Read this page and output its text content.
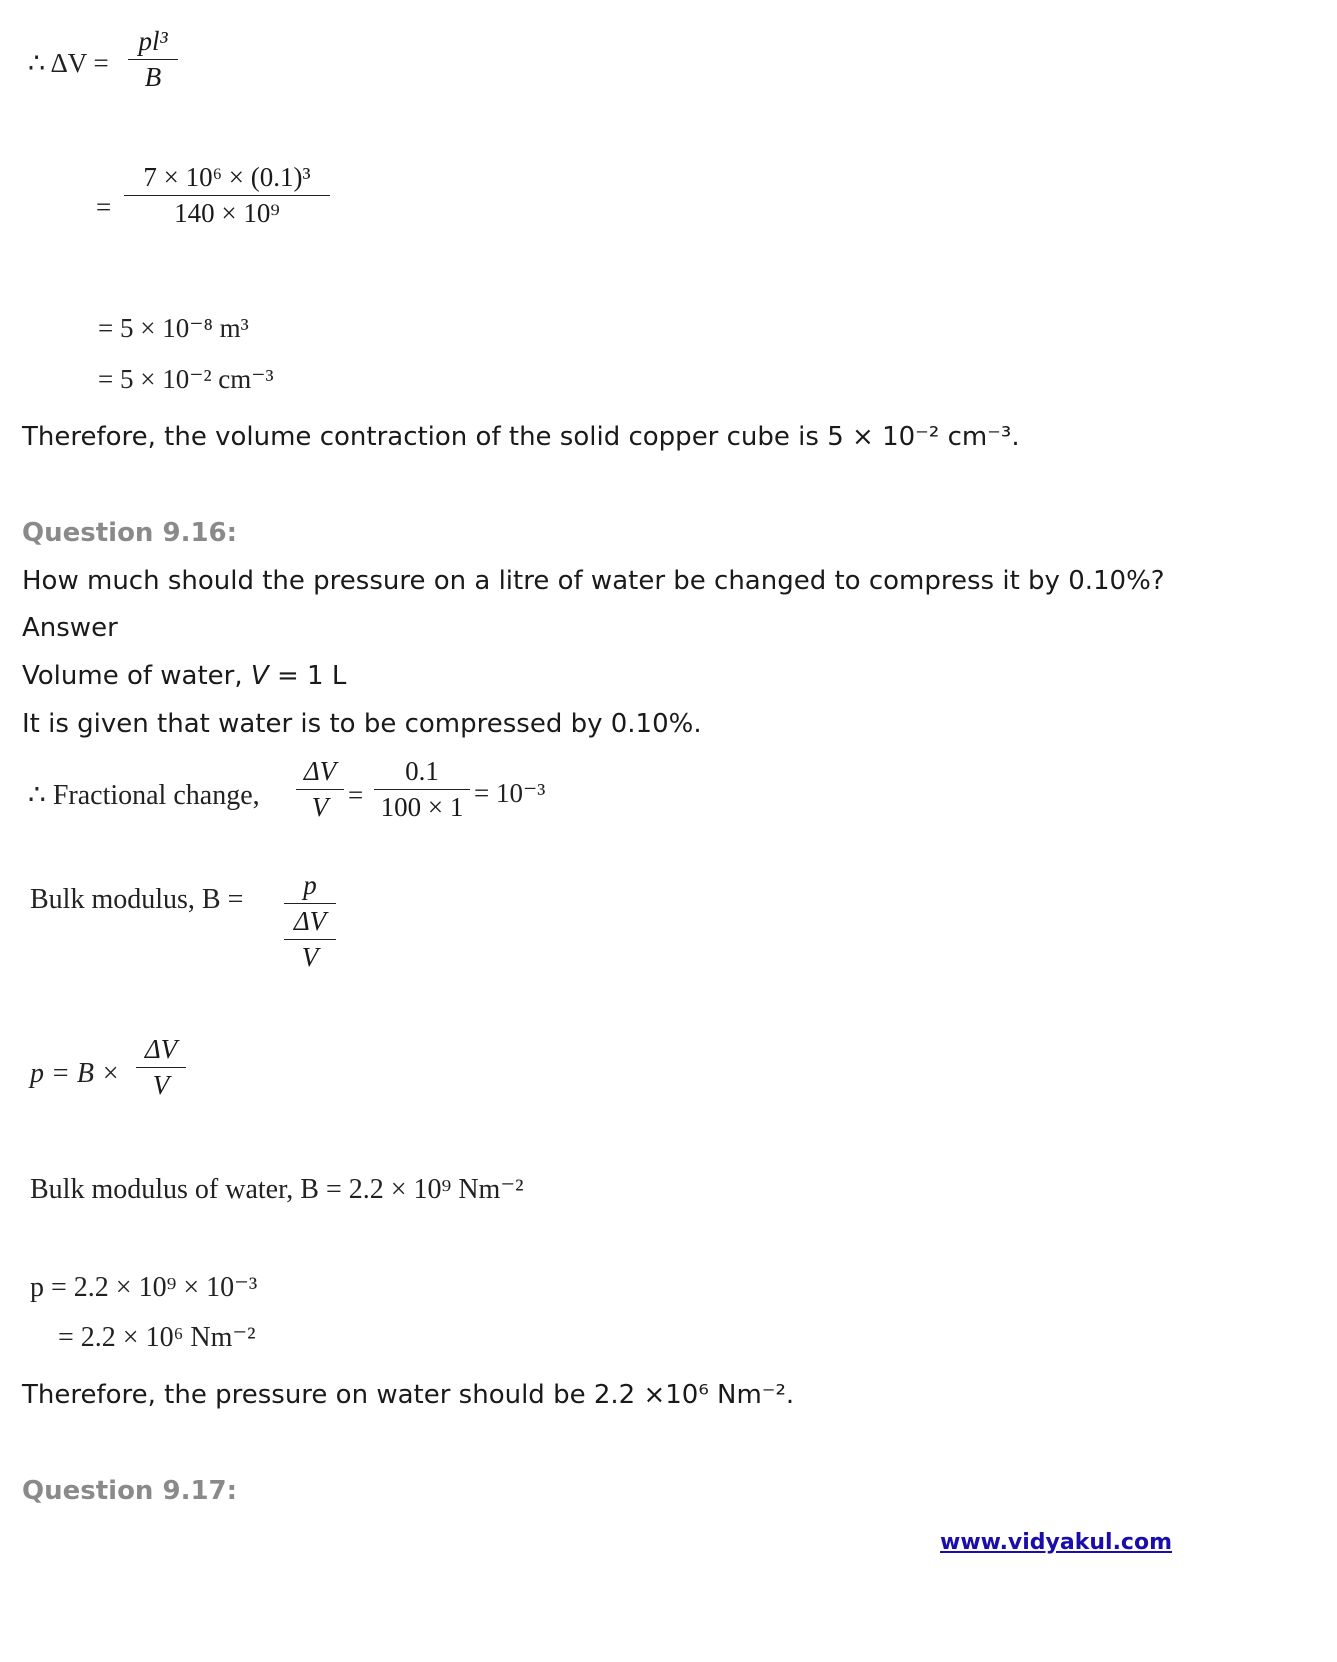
∴ ΔV =
pl³
B
=
7 × 10⁶ × (0.1)³
140 × 10⁹
= 5 × 10⁻⁸ m³
= 5 × 10⁻² cm⁻³
Therefore, the volume contraction of the solid copper cube is 5 × 10⁻² cm⁻³.
Question 9.16:
How much should the pressure on a litre of water be changed to compress it by 0.10%?
Answer
Volume of water, V = 1 L
It is given that water is to be compressed by 0.10%.
∴ Fractional change,
ΔV
V =
0.1
100 × 1 = 10⁻³
Bulk modulus, B = p
ΔV
V
p = B ×
ΔV
V
Bulk modulus of water, B = 2.2 × 10⁹ Nm⁻²
p = 2.2 × 10⁹ × 10⁻³
= 2.2 × 10⁶ Nm⁻²
Therefore, the pressure on water should be 2.2 ×10⁶ Nm⁻².
Question 9.17:
www.vidyakul.com
